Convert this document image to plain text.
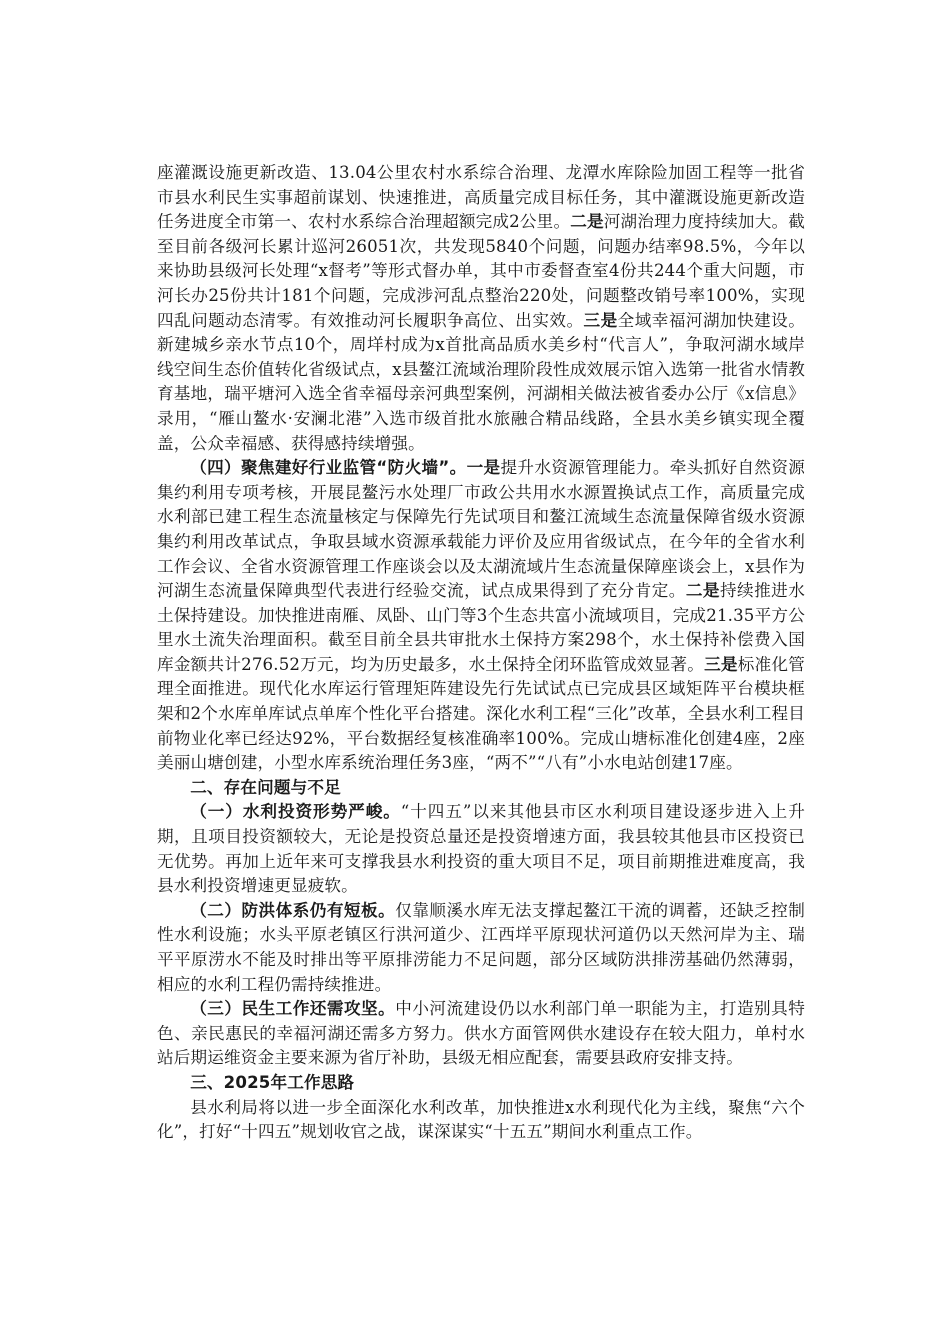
座灌溉设施更新改造、13.04公里农村水系综合治理、龙潭水库除险加固工程等一批省市县水利民生实事超前谋划、快速推进，高质量完成目标任务，其中灌溉设施更新改造任务进度全市第一、农村水系综合治理超额完成2公里。二是河湖治理力度持续加大。截至目前各级河长累计巡河26051次，共发现5840个问题，问题办结率98.5%，今年以来协助县级河长处理“x督考”等形式督办单，其中市委督查室4份共244个重大问题，市河长办25份共计181个问题，完成涉河乱点整治220处，问题整改销号率100%，实现四乱问题动态清零。有效推动河长履职争高位、出实效。三是全域幸福河湖加快建设。新建城乡亲水节点10个，周垟村成为x首批高品质水美乡村“代言人”，争取河湖水域岸线空间生态价值转化省级试点，x县鳌江流域治理阶段性成效展示馆入选第一批省水情教育基地，瑞平塘河入选全省幸福母亲河典型案例，河湖相关做法被省委办公厅《x信息》录用，“雁山鳌水·安澜北港”入选市级首批水旅融合精品线路，全县水美乡镇实现全覆盖，公众幸福感、获得感持续增强。

（四）聚焦建好行业监管“防火墙”。一是提升水资源管理能力。牵头抓好自然资源集约利用专项考核，开展昆鳌污水处理厂市政公共用水水源置换试点工作，高质量完成水利部已建工程生态流量核定与保障先行先试项目和鳌江流域生态流量保障省级水资源集约利用改革试点，争取县域水资源承载能力评价及应用省级试点，在今年的全省水利工作会议、全省水资源管理工作座谈会以及太湖流域片生态流量保障座谈会上，x县作为河湖生态流量保障典型代表进行经验交流，试点成果得到了充分肯定。二是持续推进水土保持建设。加快推进南雁、凤卧、山门等3个生态共富小流域项目，完成21.35平方公里水土流失治理面积。截至目前全县共审批水土保持方案298个，水土保持补偿费入国库金额共计276.52万元，均为历史最多，水土保持全闭环监管成效显著。三是标准化管理全面推进。现代化水库运行管理矩阵建设先行先试试点已完成县区域矩阵平台模块框架和2个水库单库试点单库个性化平台搭建。深化水利工程“三化”改革，全县水利工程目前物业化率已经达92%，平台数据经复核准确率100%。完成山塘标准化创建4座，2座美丽山塘创建，小型水库系统治理任务3座，“两不”“八有”小水电站创建17座。

二、存在问题与不足

（一）水利投资形势严峻。“十四五”以来其他县市区水利项目建设逐步进入上升期，且项目投资额较大，无论是投资总量还是投资增速方面，我县较其他县市区投资已无优势。再加上近年来可支撑我县水利投资的重大项目不足，项目前期推进难度高，我县水利投资增速更显疲软。

（二）防洪体系仍有短板。仅靠顺溪水库无法支撑起鳌江干流的调蓄，还缺乏控制性水利设施；水头平原老镇区行洪河道少、江西垟平原现状河道仍以天然河岸为主、瑞平平原涝水不能及时排出等平原排涝能力不足问题，部分区域防洪排涝基础仍然薄弱，相应的水利工程仍需持续推进。

（三）民生工作还需攻坚。中小河流建设仍以水利部门单一职能为主，打造别具特色、亲民惠民的幸福河湖还需多方努力。供水方面管网供水建设存在较大阻力，单村水站后期运维资金主要来源为省厅补助，县级无相应配套，需要县政府安排支持。

三、2025年工作思路

县水利局将以进一步全面深化水利改革，加快推进x水利现代化为主线，聚焦“六个化”，打好“十四五”规划收官之战，谋深谋实“十五五”期间水利重点工作。
